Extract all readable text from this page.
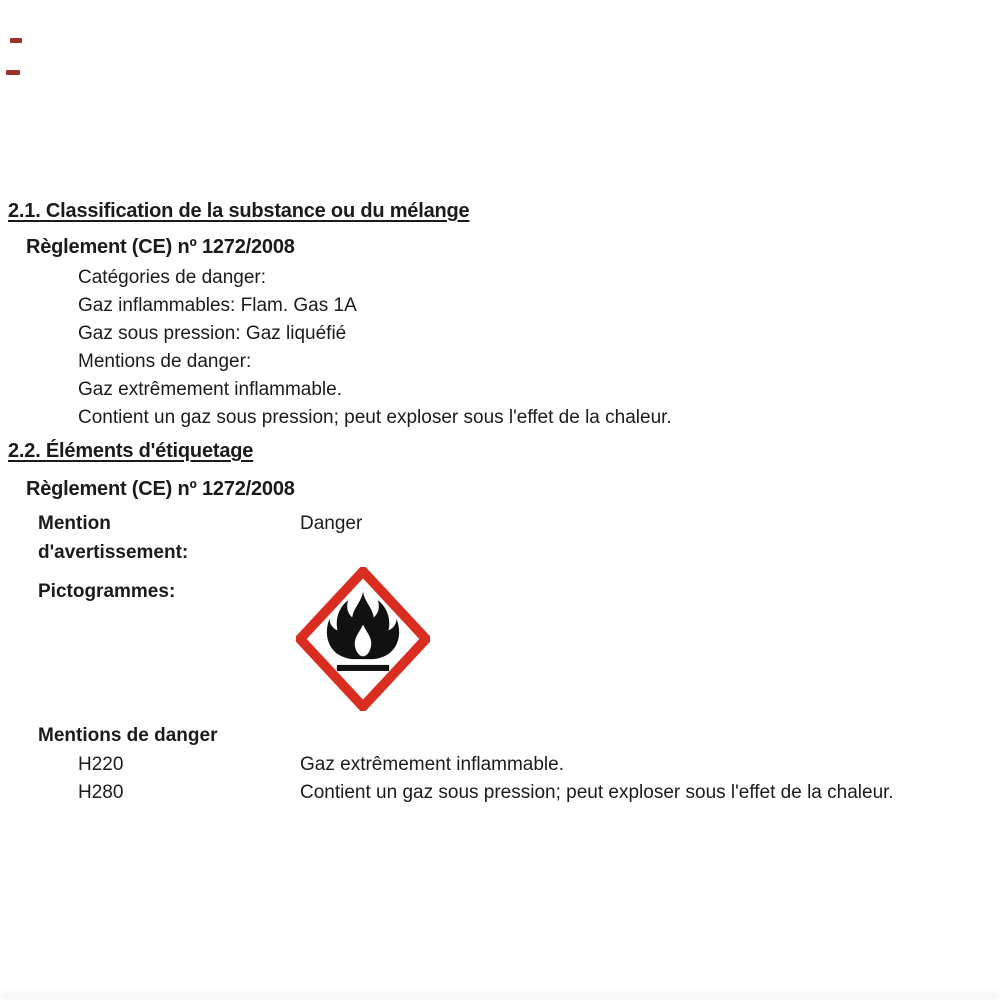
2.1. Classification de la substance ou du mélange
Règlement (CE) nº 1272/2008
Catégories de danger:
Gaz inflammables: Flam. Gas 1A
Gaz sous pression: Gaz liquéfié
Mentions de danger:
Gaz extrêmement inflammable.
Contient un gaz sous pression; peut exploser sous l'effet de la chaleur.
2.2. Éléments d'étiquetage
Règlement (CE) nº 1272/2008
Mention	Danger
d'avertissement:
Pictogrammes:
Mentions de danger
H220	Gaz extrêmement inflammable.
H280	Contient un gaz sous pression; peut exploser sous l'effet de la chaleur.
